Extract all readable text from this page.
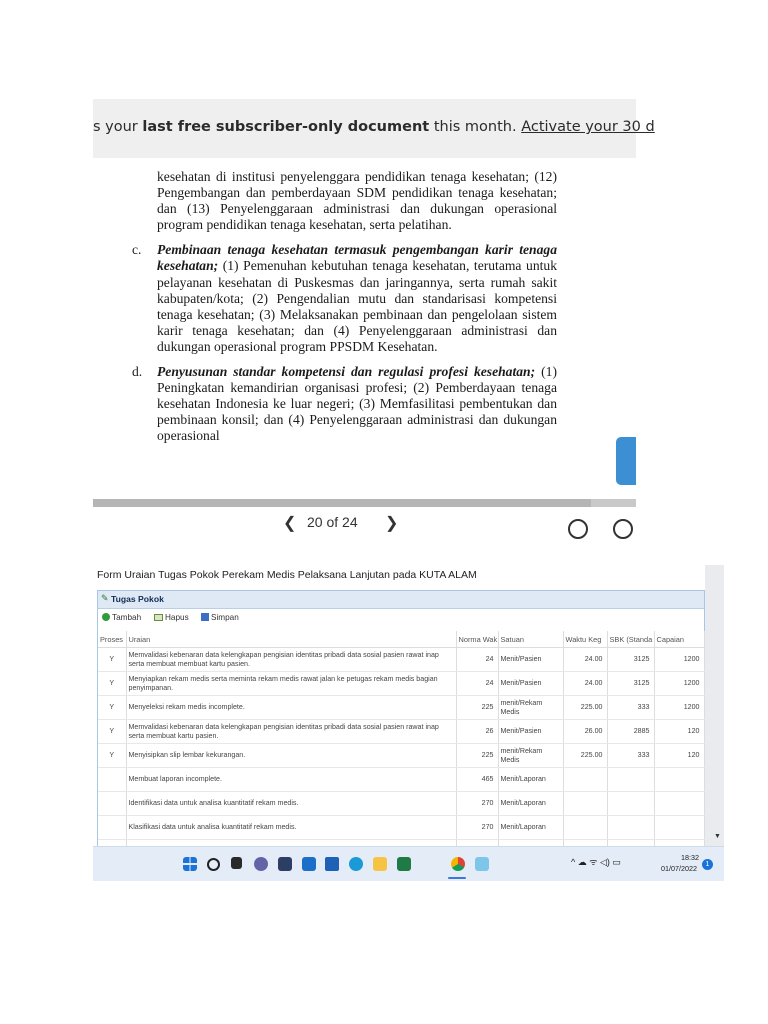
s your last free subscriber-only document this month. Activate your 30 d

kesehatan di institusi penyelenggara pendidikan tenaga kesehatan; (12) Pengembangan dan pemberdayaan SDM pendidikan tenaga kesehatan; dan (13) Penyelenggaraan administrasi dan dukungan operasional program pendidikan tenaga kesehatan, serta pelatihan.

c. Pembinaan tenaga kesehatan termasuk pengembangan karir tenaga kesehatan; (1) Pemenuhan kebutuhan tenaga kesehatan, terutama untuk pelayanan kesehatan di Puskesmas dan jaringannya, serta rumah sakit kabupaten/kota; (2) Pengendalian mutu dan standarisasi kompetensi tenaga kesehatan; (3) Melaksanakan pembinaan dan pengelolaan sistem karir tenaga kesehatan; dan (4) Penyelenggaraan administrasi dan dukungan operasional program PPSDM Kesehatan.

d. Penyusunan standar kompetensi dan regulasi profesi kesehatan; (1) Peningkatan kemandirian organisasi profesi; (2) Pemberdayaan tenaga kesehatan Indonesia ke luar negeri; (3) Memfasilitasi pembentukan dan pembinaan konsil; dan (4) Penyelenggaraan administrasi dan dukungan operasional

❮ 20 of 24 ❯
Form Uraian Tugas Pokok Perekam Medis Pelaksana Lanjutan pada KUTA ALAM
✎ Tugas Pokok
Tambah	Hapus	Simpan
Proses	Uraian	Norma Wak	Satuan	Waktu Keg	SBK (Standa	Capaian
Y	Memvalidasi kebenaran data kelengkapan pengisian identitas pribadi data sosial pasien rawat inap serta membuat membuat kartu pasien.	24	Menit/Pasien	24.00	3125	1200
Y	Menyiapkan rekam medis serta meminta rekam medis rawat jalan ke petugas rekam medis bagian penyimpanan.	24	Menit/Pasien	24.00	3125	1200
Y	Menyeleksi rekam medis incomplete.	225	menit/Rekam Medis	225.00	333	1200
Y	Memvalidasi kebenaran data kelengkapan pengisian identitas pribadi data sosial pasien rawat inap serta membuat kartu pasien.	26	Menit/Pasien	26.00	2885	120
Y	Menyisipkan slip lembar kekurangan.	225	menit/Rekam Medis	225.00	333	120
	Membuat laporan incomplete.	465	Menit/Laporan			
	Identifikasi data untuk analisa kuantitatif rekam medis.	270	Menit/Laporan			
	Klasifikasi data untuk analisa kuantitatif rekam medis.	270	Menit/Laporan			

▼
^ ☁ ᯤ ◁) ▭	18:32
01/07/2022	1
